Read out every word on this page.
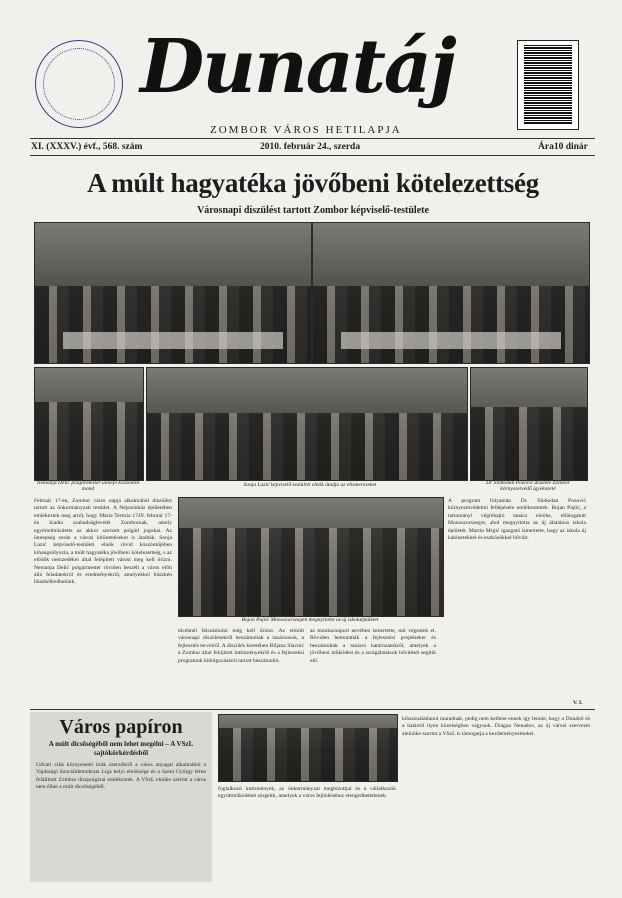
Dunatáj
ZOMBOR VÁROS HETILAPJA
XI. (XXXV.) évf., 568. szám	2010. február 24., szerda	Ára10 dinár
A múlt hagyatéka jövőbeni kötelezettség
Városnapi díszülést tartott Zombor képviselő-testülete
Nemanja Delić polgármester ünnepi köszöntőt mond
Sonja Lazić képviselő-testületi elnök átadja az elismeréseket	Dr Slobodan Pozović díszlete Zombor környezetvédő igyekezeté
Bojan Pajtić Monoszorszegen megnyitotta az új iskolaépületet
Február 17-én, Zombor város napja alkalmából díszülést tartott az önkormányzati testület. A Népszínház épületében emlékeztek meg arról, hogy Mária Terézia 1749. február 17-én kiadta szabadságlevelét Zombornak, amely egyértelműsítette az akkor szerzett polgári jogokat. Az ünnepség során a városi kitüntetéseket is átadták. Sonja Lazić képviselő-testületi elnök rövid köszöntőjében kihangsúlyozta, a múlt hagyatéka jövőbeni kötelezettség, s az elődök nemzedékei által felépített várost meg kell őrizni. Nemanja Delić polgármester röviden beszélt a város előtt álló feladatokról és eredményekről, amelyekkel büszkén büszkélkedhetünk.
tőcéknél felszámolni még kell őrizni. Az elmúlt városnapi díszülésekről beszámoltak a tanácsosok, a fejlesztés terveiről. A díszülés keretében Biljana Slavnić a Zombor által felújított intézményekről és a fejlesztési programok kidolgozásáról tartott beszámolót.
az munkacsoport nevében ismertette, mit végeztek el. Röviden bemutatták a fejlesztési projekteket és beszámoltak a tanácsi határozatokról, amelyek a jövőbeni működést és a szolgáltatások bővítését segítik elő.
A program folyamán Dr. Slobodan Pozović környezetvédelmi fellépésére emlékeztettek. Bojan Pajtić, a tartományi végrehajtó tanács elnöke, ellátogatott Monoszorszegre, ahol megnyitotta az új általános iskola épületét. Martin Mrgić igazgató ismertette, hogy az iskola új kabinetekkel és eszközökkel bővült.
V. I.
Város papíron
A múlt dicsőségéből nem lehet megélni – A VSzL sajtókörkérdésből
Udvari cikk környezetét írták szerzőkről a város anyagai alkalmából a Vajdasági Szociáldemokrata Liga helyi elnöksége és a Szent György téren felállított Zombor díszpolgárai emlékeztek. A VSzL elnöke szerint a város nem élhet a múlt dicsőségéből.	foglalkozó intézmények, az önkormányzat megbízottjai és a vállalkozók együttműködését sürgetik, amelyek a város fejlődéséhez elengedhetetlenek.
kihasználatlanul maradnak, pedig nem kellene ennek így lennie, hogy a Dunától és a határtól ilyen közelségben vagyunk. Dragan Nenadov, az új városi szervezet alelnöke szerint a VSzL is támogatja a kezdeményezéseket.
